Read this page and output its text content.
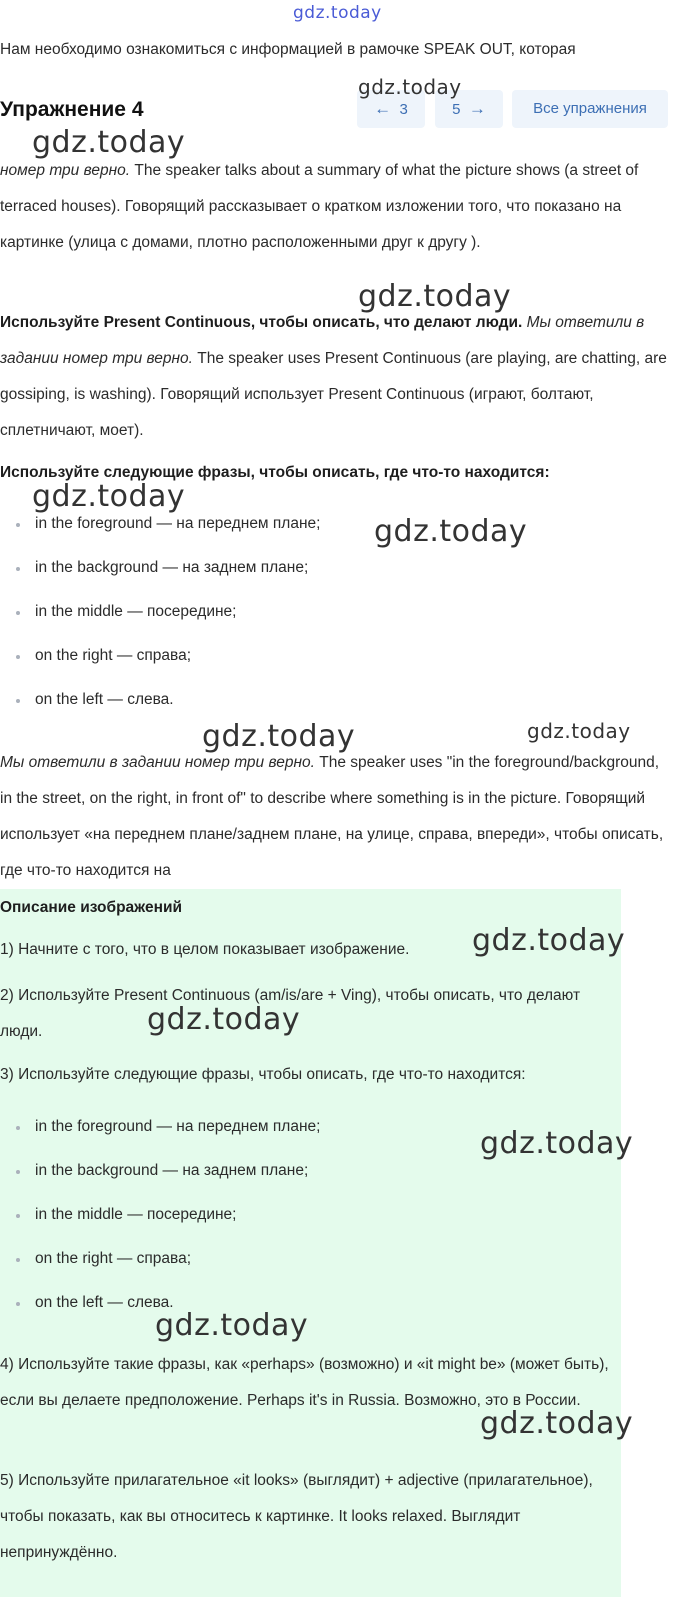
gdz.today

Нам необходимо ознакомиться с информацией в рамочке SPEAK OUT, которая

Упражнение 4	← 3	5 →	Все упражнения

номер три верно. The speaker talks about a summary of what the picture shows (a street of terraced houses). Говорящий рассказывает о кратком изложении того, что показано на картинке (улица с домами, плотно расположенными друг к другу ).

Используйте Present Continuous, чтобы описать, что делают люди. Мы ответили в задании номер три верно. The speaker uses Present Continuous (are playing, are chatting, are gossiping, is washing). Говорящий использует Present Continuous (играют, болтают, сплетничают, моет).

Используйте следующие фразы, чтобы описать, где что-то находится:

in the foreground — на переднем плане;
in the background — на заднем плане;
in the middle — посередине;
on the right — справа;
on the left — слева.

Мы ответили в задании номер три верно. The speaker uses "in the foreground/background, in the street, on the right, in front of" to describe where something is in the picture. Говорящий использует «на переднем плане/заднем плане, на улице, справа, впереди», чтобы описать, где что-то находится на

Описание изображений

1) Начните с того, что в целом показывает изображение.

2) Используйте Present Continuous (am/is/are + Ving), чтобы описать, что делают люди.

3) Используйте следующие фразы, чтобы описать, где что-то находится:

in the foreground — на переднем плане;
in the background — на заднем плане;
in the middle — посередине;
on the right — справа;
on the left — слева.

4) Используйте такие фразы, как «perhaps» (возможно) и «it might be» (может быть), если вы делаете предположение. Perhaps it's in Russia. Возможно, это в России.

5) Используйте прилагательное «it looks» (выглядит) + adjective (прилагательное), чтобы показать, как вы относитесь к картинке. It looks relaxed. Выглядит непринуждённо.

gdz.today
gdz.today
gdz.today
gdz.today
gdz.today
gdz.today	gdz.today
gdz.today
gdz.today
gdz.today
gdz.today
gdz.today
